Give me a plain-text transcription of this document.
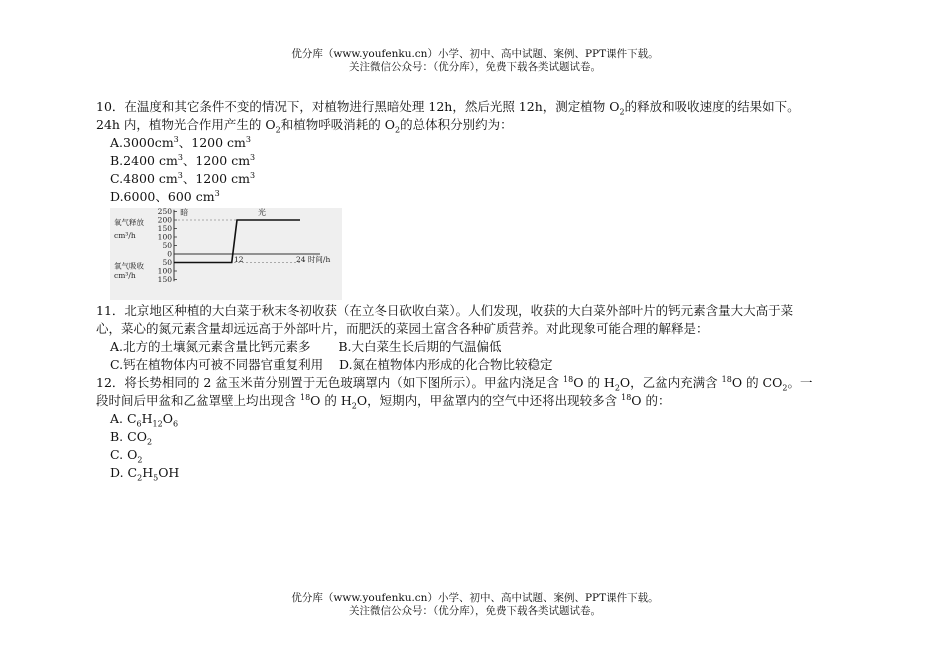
优分库（www.youfenku.cn）小学、初中、高中试题、案例、PPT课件下载。
关注微信公众号：（优分库），免费下载各类试题试卷。

10．在温度和其它条件不变的情况下，对植物进行黑暗处理 12h，然后光照 12h，测定植物 $O_2$的释放和吸收速度的结果如下。

24h 内，植物光合作用产生的 $O_2$和植物呼吸消耗的 $O_2$的总体积分别约为：

$A.3000cm^3$、1200 $cm^3$

B.2400 $cm^3$、1200 $cm^3$

C.4800 $cm^3$、1200 $cm^3$

D.6000、600 $cm^3$

250
200
150
100
50
0
50
100
150
氧气释放
cm³/h
氧气吸收
cm³/h
暗	光
12	24 时间/h

11．北京地区种植的大白菜于秋末冬初收获（在立冬日砍收白菜）。人们发现，收获的大白菜外部叶片的钙元素含量大大高于菜

心，菜心的氮元素含量却远远高于外部叶片，而肥沃的菜园土富含各种矿质营养。对此现象可能合理的解释是：

A.北方的土壤氮元素含量比钙元素多 B.大白菜生长后期的气温偏低

C.钙在植物体内可被不同器官重复利用 D.氮在植物体内形成的化合物比较稳定

12．将长势相同的 2 盆玉米苗分别置于无色玻璃罩内（如下图所示）。甲盆内浇足含 $^{18}$O 的 $H_2O$，乙盆内充满含 $^{18}$O 的 $CO_2$。一

段时间后甲盆和乙盆罩壁上均出现含 $^{18}$O 的 $H_2O$，短期内，甲盆罩内的空气中还将出现较多含 $^{18}$O 的：

A. $C_6H_{12}O_6$

B. $CO_2$

C. $O_2$

D. $C_2H_5OH$

优分库（www.youfenku.cn）小学、初中、高中试题、案例、PPT课件下载。
关注微信公众号：（优分库），免费下载各类试题试卷。
